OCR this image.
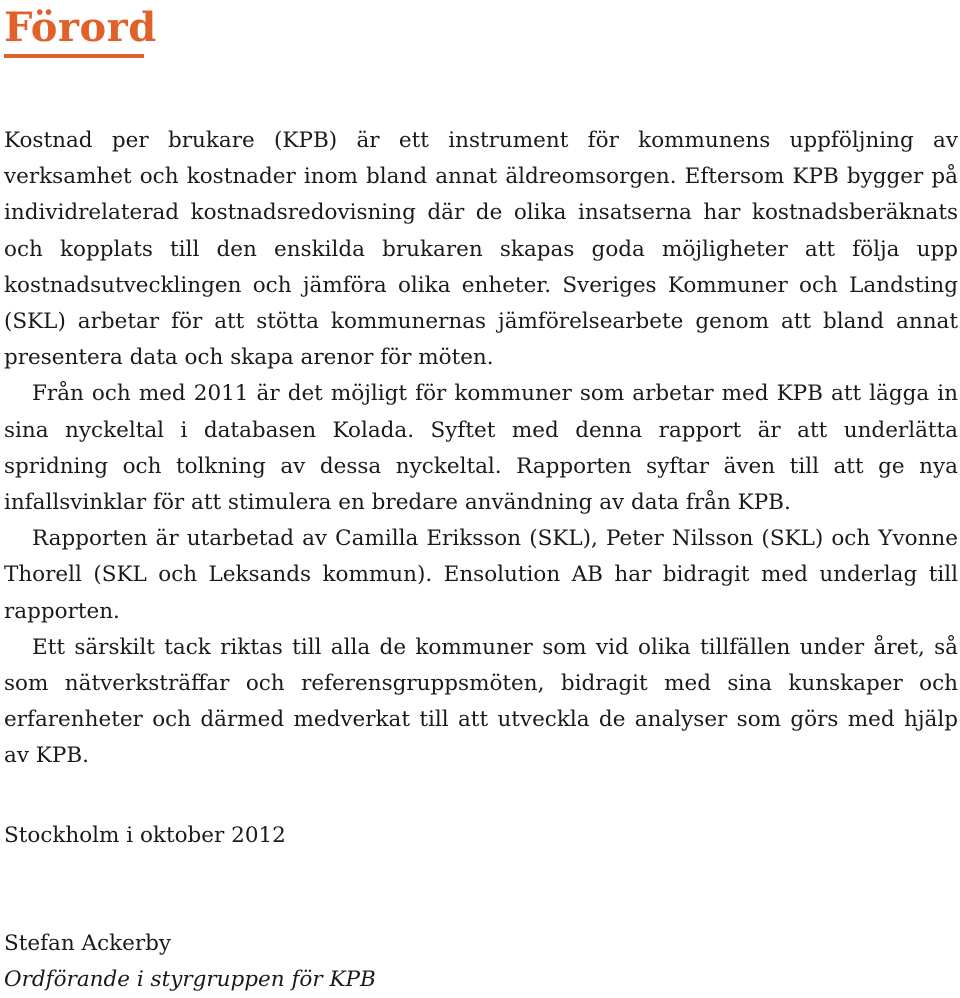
Förord

Kostnad per brukare (KPB) är ett instrument för kommunens uppföljning av verksamhet och kostnader inom bland annat äldreomsorgen. Eftersom KPB bygger på individrelaterad kostnadsredovisning där de olika insatserna har kostnadsberäknats och kopplats till den enskilda brukaren skapas goda möjligheter att följa upp kostnadsutvecklingen och jämföra olika enheter. Sveriges Kommuner och Landsting (SKL) arbetar för att stötta kommunernas jämförelsearbete genom att bland annat presentera data och skapa arenor för möten.

Från och med 2011 är det möjligt för kommuner som arbetar med KPB att lägga in sina nyckeltal i databasen Kolada. Syftet med denna rapport är att underlätta spridning och tolkning av dessa nyckeltal. Rapporten syftar även till att ge nya infallsvinklar för att stimulera en bredare användning av data från KPB.

Rapporten är utarbetad av Camilla Eriksson (SKL), Peter Nilsson (SKL) och Yvonne Thorell (SKL och Leksands kommun). Ensolution AB har bidragit med underlag till rapporten.

Ett särskilt tack riktas till alla de kommuner som vid olika tillfällen under året, så som nätverksträffar och referensgruppsmöten, bidragit med sina kunskaper och erfarenheter och därmed medverkat till att utveckla de analyser som görs med hjälp av KPB.

Stockholm i oktober 2012
Stefan Ackerby
Ordförande i styrgruppen för KPB
